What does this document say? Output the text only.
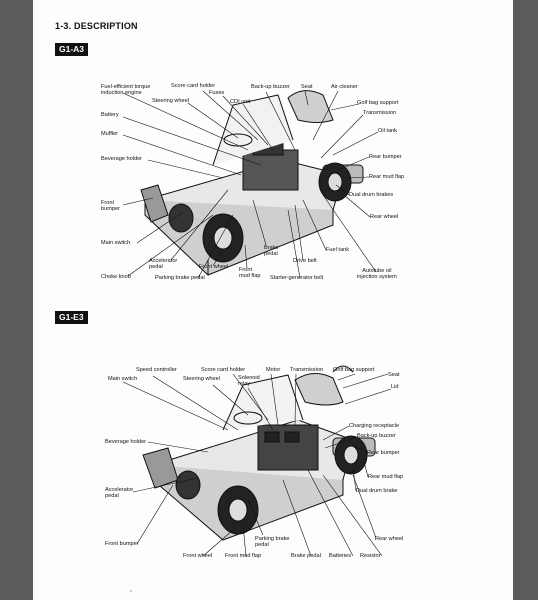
1-3. DESCRIPTION
G1-A3
G1-E3
Fuel-efficient torque
induction engine
Score card holder
Fuses
Steering wheel	CDI unit
Back-up buzzer Seat	Air cleaner
Golf bag support
Battery	Transmission
Muffler	Oil tank
Beverage holder	Rear bumper
Rear mud flap
Dual drum brakes
Front
bumper
Rear wheel
Main switch
Fuel tank
Brake
pedal
Accelerator
pedal
Drive belt
Front wheel
Choke knob	Parking brake pedal
Front
mud flap Starter-generator belt
Autolube oil
injection system
Speed controller	Score card holder	Motor Transmission Golf bag support
Main switch	Steering wheel	Solenoid
relay
Seat
Lid
Charging receptacle
Back-up buzzer
Beverage holder
Rear bumper
Rear mud flap
Dual drum brake
Accelerator
pedal
Rear wheel
Front bumper
Parking brake
pedal
Front wheel Front mud flap	Brake pedal Batteries Resistor
